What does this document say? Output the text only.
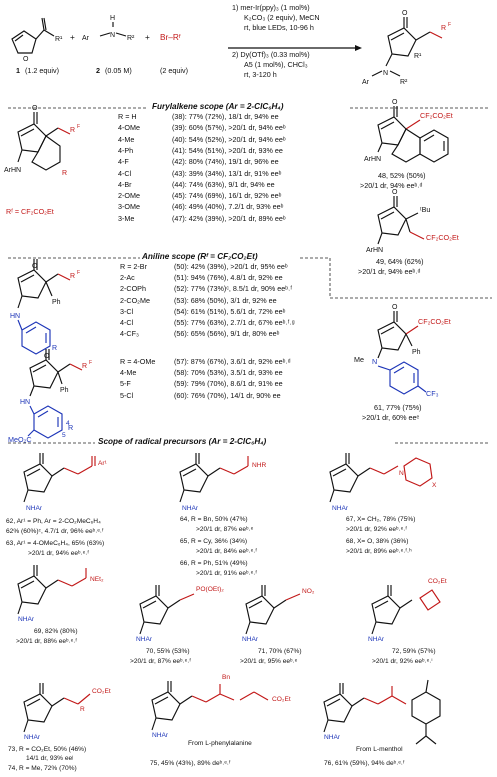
O
R¹	Ar	N
H
R²
O
R F
R¹
N
Ar	R²
O
R F
ArHN	R
O
ArHN
O
ArHN
O
R F
Ph
HN
R
O
R F
Ph
HN
O
Ph
1 (1.2 equiv)
+
2 (0.05 M)
+ Br–Rᶠ
(2 equiv)
1) mer-Ir(ppy)₃ (1 mol%)
K₂CO₃ (2 equiv), MeCN
rt, blue LEDs, 10-96 h
2) Dy(OTf)₃ (0.33 mol%)
A5 (1 mol%), CHCl₃
rt, 3-120 h
Furylalkene scope (Ar = 2-ClC₆H₄)
Aniline scope (Rᶠ = CF₂CO₂Et)
Scope of radical precursors (Ar = 2-ClC₆H₄)
Rᶠ = CF₂CO₂Et
R = H	(38): 77% (72%), 18/1 dr, 94% ee
4-OMe	(39): 60% (57%), >20/1 dr, 94% eeᵇ
4-Me	(40): 54% (52%), >20/1 dr, 94% eeᵇ
4-Ph	(41): 54% (51%), >20/1 dr, 93% ee
4-F	(42): 80% (74%), 19/1 dr, 96% ee
4-Cl	(43): 39% (34%), 13/1 dr, 91% eeᵇ
4-Br	(44): 74% (63%), 9/1 dr, 94% ee
2-OMe	(45): 74% (69%), 16/1 dr, 92% eeᵇ
3-OMe	(46): 49% (40%), 7.2/1 dr, 93% eeᵇ
3-Me	(47): 42% (39%), >20/1 dr, 89% eeᵇ
R = 2-Br	(50): 42% (39%), >20/1 dr, 95% eeᵇ
2-Ac	(51): 94% (76%), 4.8/1 dr, 92% ee
2-COPh	(52): 77% (73%)ᶜ, 8.5/1 dr, 90% eeᵇ˒ᶠ
2-CO₂Me	(53): 68% (50%), 3/1 dr, 92% ee
3-Cl	(54): 61% (51%), 5.6/1 dr, 72% eeᵇ
4-Cl	(55): 77% (63%), 2.7/1 dr, 67% eeᵇ˒ᶠ˒ᵍ
4-CF₃	(56): 65% (56%), 9/1 dr, 80% eeᵇ
R = 4-OMe	(57): 87% (67%), 3.6/1 dr, 92% eeᵇ˒ᵈ
4-Me	(58): 70% (53%), 3.5/1 dr, 93% ee
5-F	(59): 79% (70%), 8.6/1 dr, 91% ee
5-Cl	(60): 76% (70%), 14/1 dr, 90% ee
MeO₂C
4
5
R
CF₂CO₂Et
48, 52% (50%)
>20/1 dr, 94% eeᵇ˒ᵈ
ᵗBu
CF₂CO₂Et
49, 64% (62%)
>20/1 dr, 94% eeᵇ˒ᵈ
CF₂CO₂Et
Me N
CF₃
61, 77% (75%)
>20/1 dr, 60% eeᵉ
Ar¹
NHAr
62, Ar¹ = Ph, Ar = 2-CO₂MeC₆H₄
62% (60%)ᶜ, 4.7/1 dr, 96% eeᵇ˒ᵉ˒ᶠ
63, Ar¹ = 4-OMeC₆H₄, 65% (63%)
>20/1 dr, 94% eeᵇ˒ᵉ˒ᶠ
NHR
NHAr
64, R = Bn, 50% (47%)
>20/1 dr, 87% eeᵇ˒ᵉ
65, R = Cy, 36% (34%)
>20/1 dr, 84% eeᵇ˒ᵉ˒ᶠ
66, R = Ph, 51% (49%)
>20/1 dr, 91% eeᵇ˒ᵉ˒ᶠ
N
X
NHAr
67, X= CH₂, 78% (75%)
>20/1 dr, 92% eeᵇ˒ᵉ˒ᶠ
68, X= O, 38% (36%)
>20/1 dr, 89% eeᵇ˒ᵉ˒ᶠ˒ʰ
NEt₂
NHAr
69, 82% (80%)
>20/1 dr, 88% eeᵇ˒ᵉ˒ᶠ
PO(OEt)₂
NHAr
70, 55% (53%)
>20/1 dr, 87% eeᵇ˒ᵉ˒ᶠ
NO₂
NHAr
71, 70% (67%)
>20/1 dr, 95% eeᵇ˒ᵉ
CO₂Et
NHAr
72, 59% (57%)
>20/1 dr, 92% eeᵇ˒ᵉ˒ⁱ
CO₂Et
R
NHAr
73, R = CO₂Et, 50% (46%)
14/1 dr, 93% eeʲ
74, R = Me, 72% (70%)
Bn
CO₂Et
NHAr
From L-phenylalanine
75, 45% (43%), 89% deᵇ˒ᵉ˒ᶠ
NHAr
From L-menthol
76, 61% (59%), 94% deᵇ˒ᵉ˒ᶠ
